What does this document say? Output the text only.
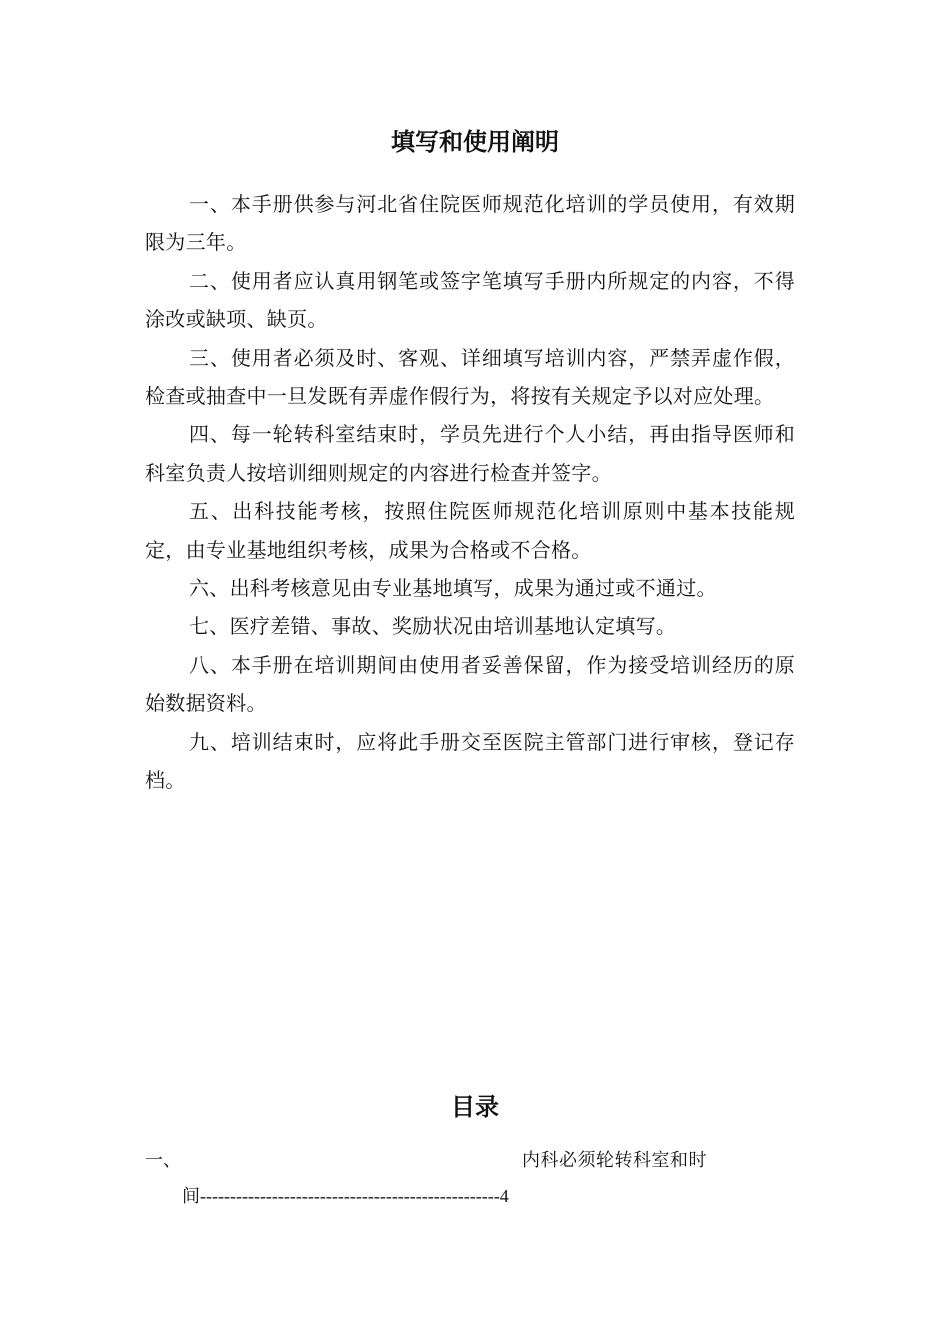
填写和使用阐明

一、本手册供参与河北省住院医师规范化培训的学员使用，有效期限为三年。

二、使用者应认真用钢笔或签字笔填写手册内所规定的内容，不得涂改或缺项、缺页。

三、使用者必须及时、客观、详细填写培训内容，严禁弄虚作假，检查或抽查中一旦发既有弄虚作假行为，将按有关规定予以对应处理。

四、每一轮转科室结束时，学员先进行个人小结，再由指导医师和科室负责人按培训细则规定的内容进行检查并签字。

五、出科技能考核，按照住院医师规范化培训原则中基本技能规定，由专业基地组织考核，成果为合格或不合格。

六、出科考核意见由专业基地填写，成果为通过或不通过。

七、医疗差错、事故、奖励状况由培训基地认定填写。

八、本手册在培训期间由使用者妥善保留，作为接受培训经历的原始数据资料。

九、培训结束时，应将此手册交至医院主管部门进行审核，登记存档。

目录
一、	内科必须轮转科室和时
间--------------------------------------------------4
